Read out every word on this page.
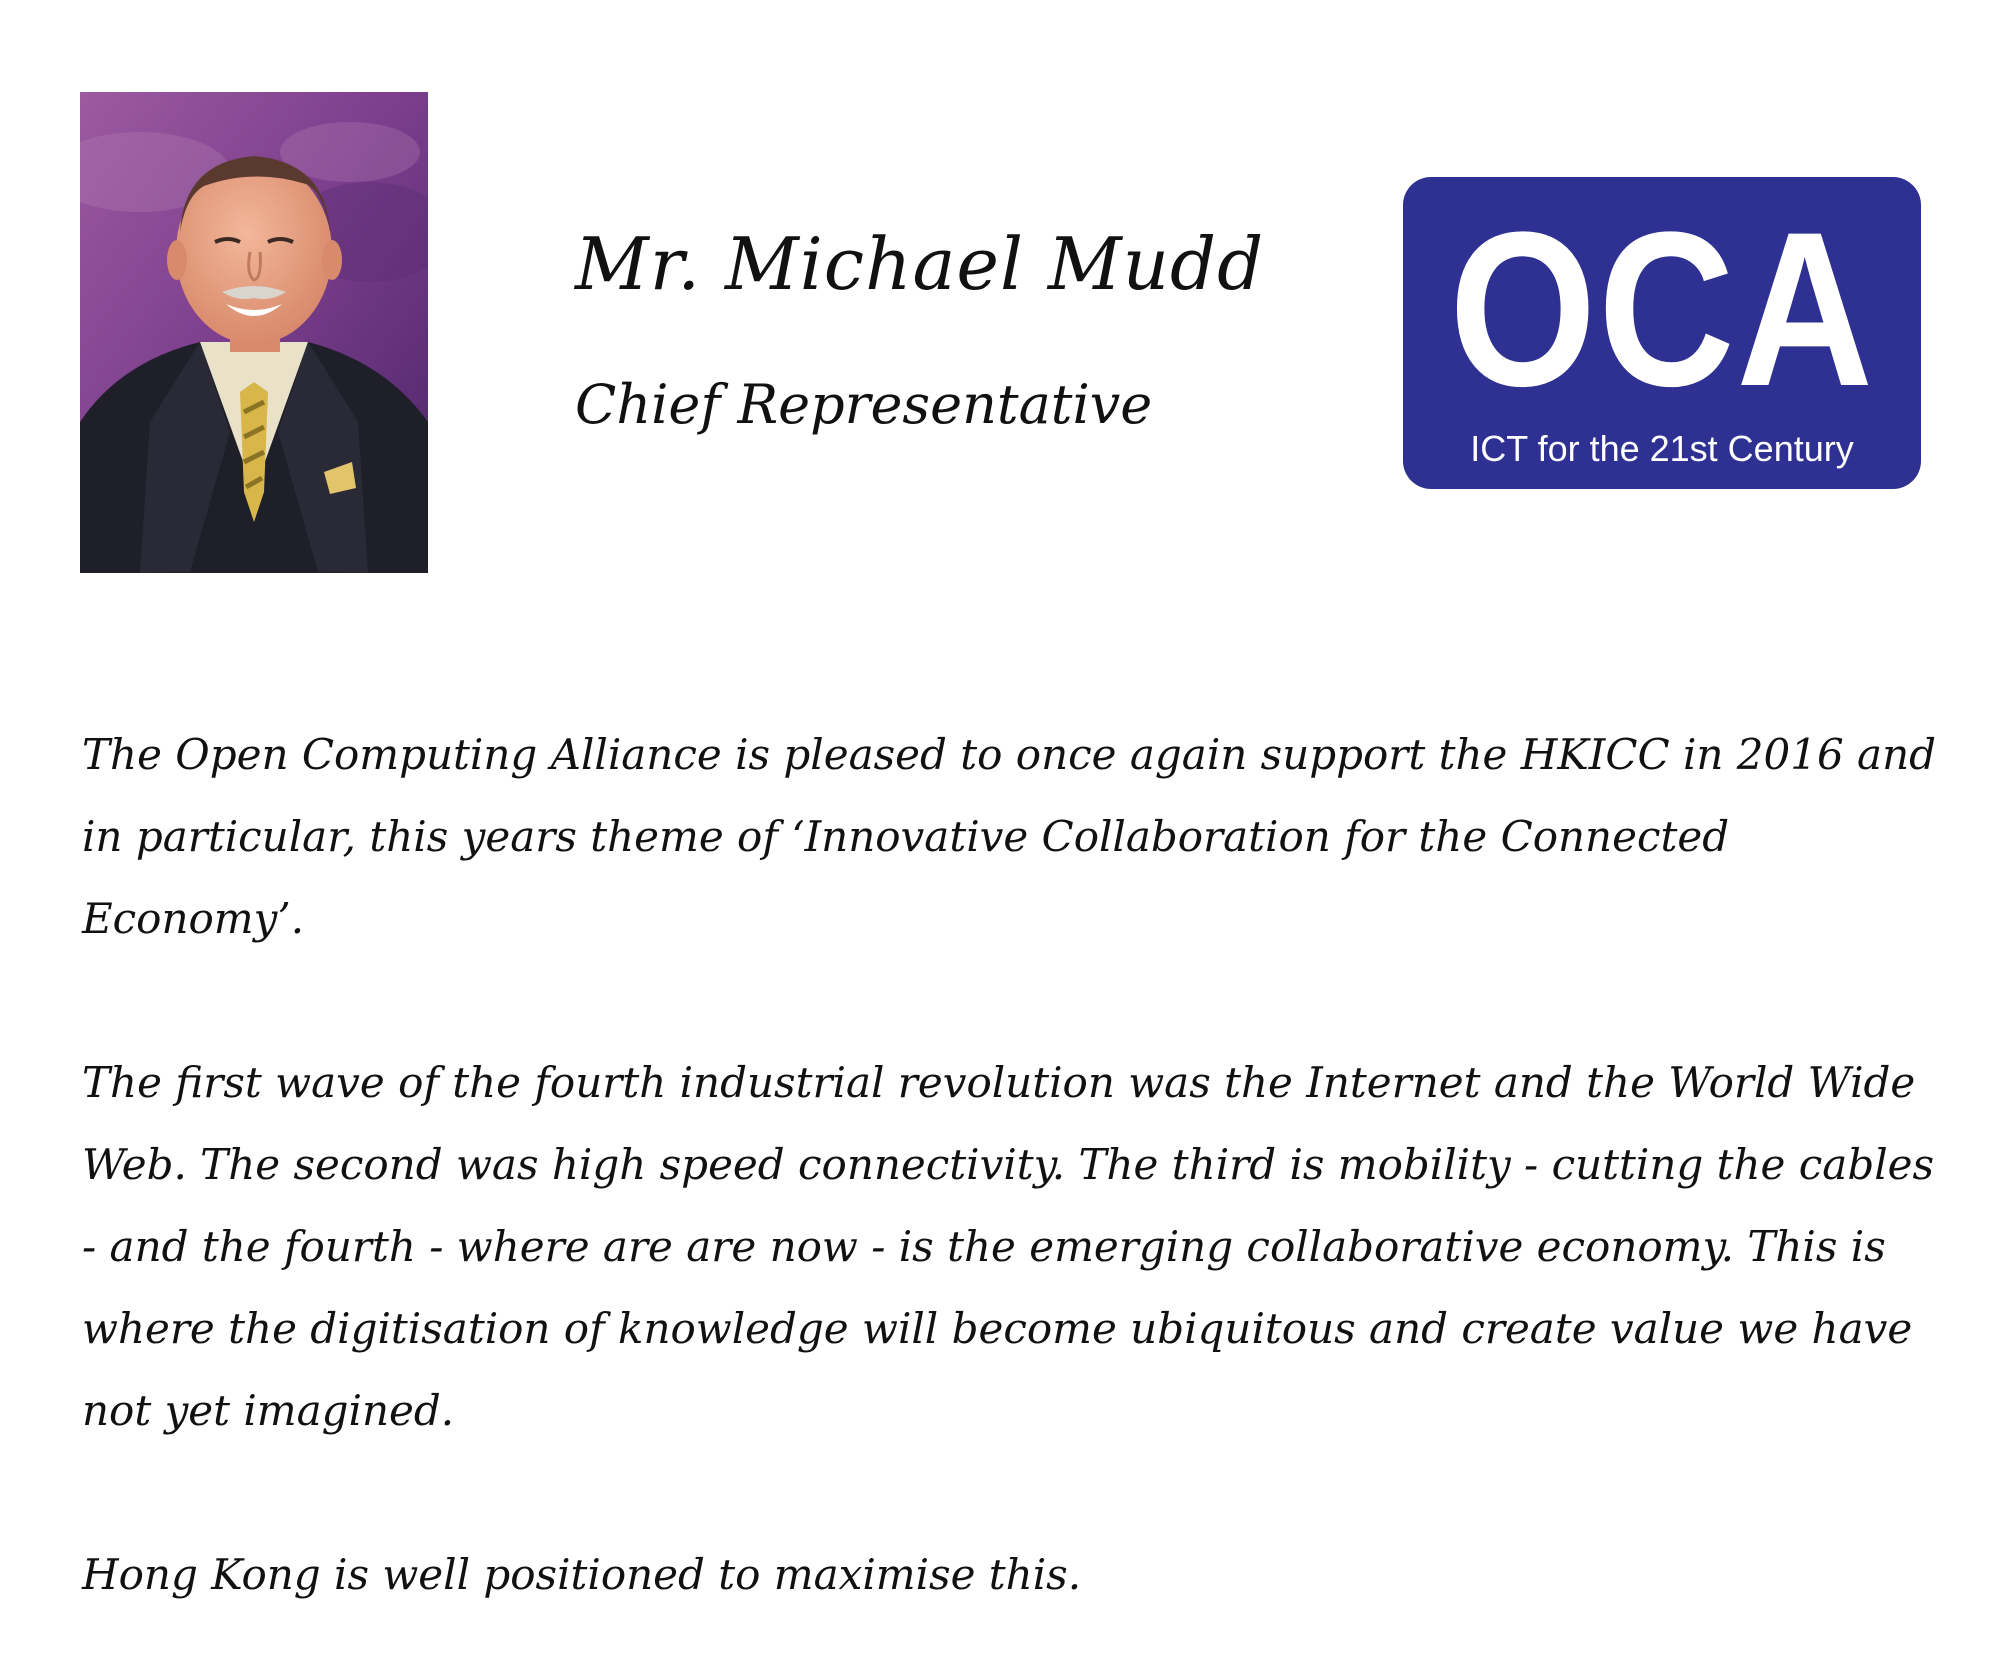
Mr. Michael Mudd
Chief Representative OCA
ICT for the 21st Century

The Open Computing Alliance is pleased to once again support the HKICC in 2016 and in particular, this years theme of ‘Innovative Collaboration for the Connected Economy’.

The first wave of the fourth industrial revolution was the Internet and the World Wide Web. The second was high speed connectivity. The third is mobility - cutting the cables - and the fourth - where are are now - is the emerging collaborative economy. This is where the digitisation of knowledge will become ubiquitous and create value we have not yet imagined.

Hong Kong is well positioned to maximise this.
